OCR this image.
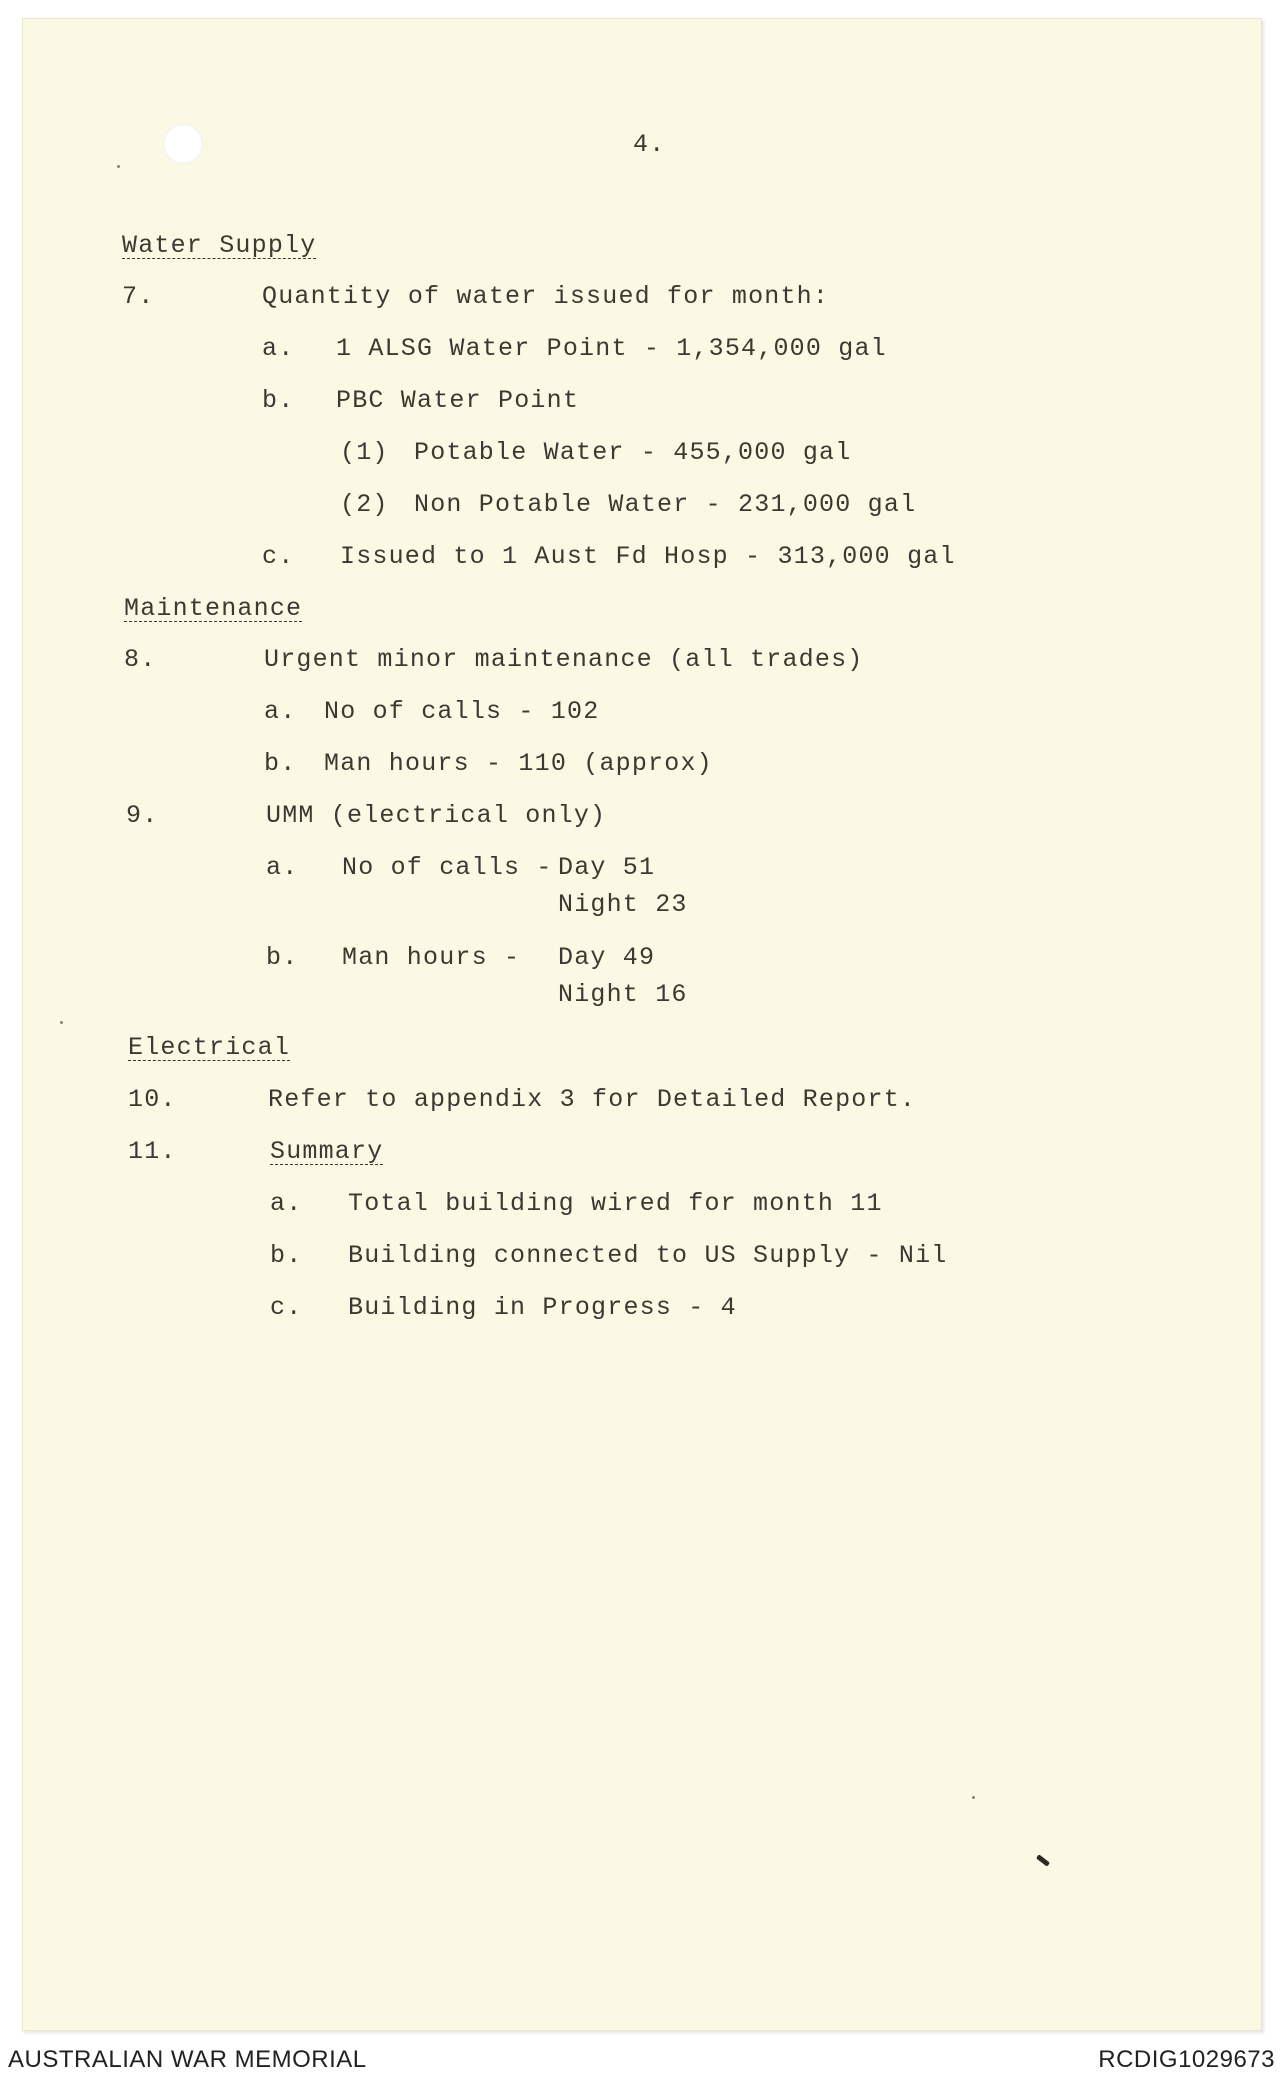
4.
Water Supply
7.	Quantity of water issued for month:
a. 1 ALSG Water Point - 1,354,000 gal
b. PBC Water Point
(1) Potable Water - 455,000 gal
(2) Non Potable Water - 231,000 gal
c. Issued to 1 Aust Fd Hosp - 313,000 gal
Maintenance
8.	Urgent minor maintenance (all trades)
a. No of calls - 102
b. Man hours - 110 (approx)
9.	UMM (electrical only)
a. No of calls - Day 51
Night 23
b. Man hours - Day 49
Night 16
Electrical
10.	Refer to appendix 3 for Detailed Report.
11.	Summary
a. Total building wired for month 11
b. Building connected to US Supply - Nil
c. Building in Progress - 4
AUSTRALIAN WAR MEMORIAL	RCDIG1029673
